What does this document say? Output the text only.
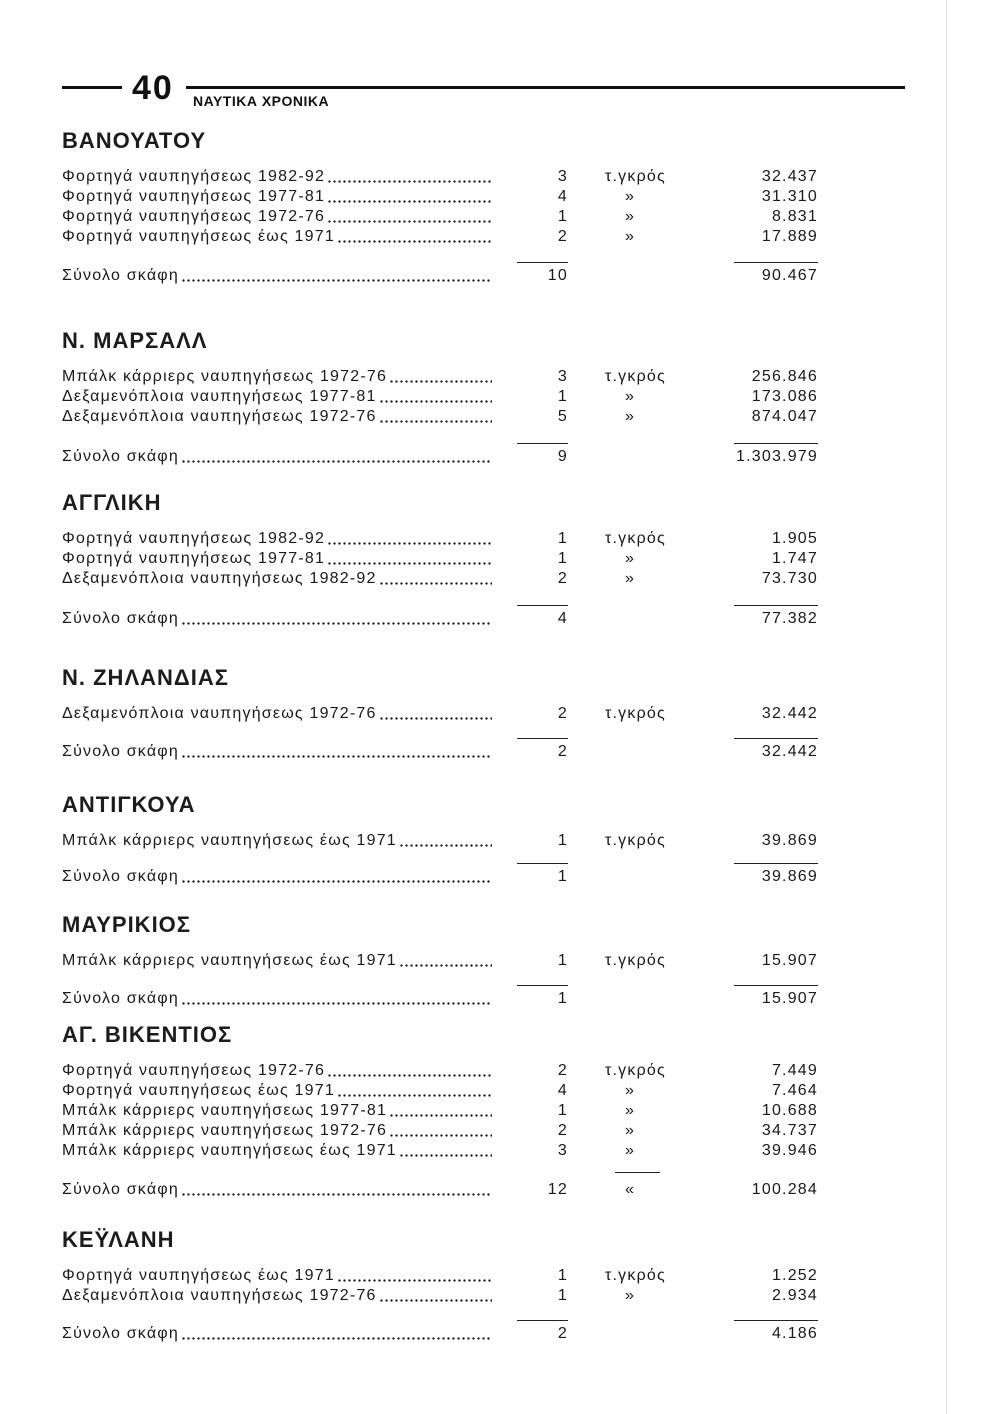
40 ΝΑΥΤΙΚΑ ΧΡΟΝΙΚΑ
ΒΑΝΟΥΑΤΟΥ
Φορτηγά ναυπηγήσεως 1982-92	3 τ.γκρός	32.437
Φορτηγά ναυπηγήσεως 1977-81	4	»	31.310
Φορτηγά ναυπηγήσεως 1972-76	1	»	8.831
Φορτηγά ναυπηγήσεως έως 1971	2	»	17.889
Σύνολο σκάφη	10	90.467
Ν. ΜΑΡΣΑΛΛ
Μπάλκ κάρριερς ναυπηγήσεως 1972-76	3 τ.γκρός	256.846
Δεξαμενόπλοια ναυπηγήσεως 1977-81	1	»	173.086
Δεξαμενόπλοια ναυπηγήσεως 1972-76	5	»	874.047
Σύνολο σκάφη	9	1.303.979
ΑΓΓΛΙΚΗ
Φορτηγά ναυπηγήσεως 1982-92	1 τ.γκρός	1.905
Φορτηγά ναυπηγήσεως 1977-81	1	»	1.747
Δεξαμενόπλοια ναυπηγήσεως 1982-92	2	»	73.730
Σύνολο σκάφη	4	77.382
Ν. ΖΗΛΑΝΔΙΑΣ
Δεξαμενόπλοια ναυπηγήσεως 1972-76	2 τ.γκρός	32.442
Σύνολο σκάφη	2	32.442
ΑΝΤΙΓΚΟΥΑ
Μπάλκ κάρριερς ναυπηγήσεως έως 1971	1 τ.γκρός	39.869
Σύνολο σκάφη	1	39.869
ΜΑΥΡΙΚΙΟΣ
Μπάλκ κάρριερς ναυπηγήσεως έως 1971	1 τ.γκρός	15.907
Σύνολο σκάφη	1	15.907
ΑΓ. ΒΙΚΕΝΤΙΟΣ
Φορτηγά ναυπηγήσεως 1972-76	2 τ.γκρός	7.449
Φορτηγά ναυπηγήσεως έως 1971	4	»	7.464
Μπάλκ κάρριερς ναυπηγήσεως 1977-81	1	»	10.688
Μπάλκ κάρριερς ναυπηγήσεως 1972-76	2	»	34.737
Μπάλκ κάρριερς ναυπηγήσεως έως 1971	3	»	39.946
Σύνολο σκάφη	12	«	100.284
ΚΕΫΛΑΝΗ
Φορτηγά ναυπηγήσεως έως 1971	1 τ.γκρός	1.252
Δεξαμενόπλοια ναυπηγήσεως 1972-76	1	»	2.934
Σύνολο σκάφη	2	4.186
